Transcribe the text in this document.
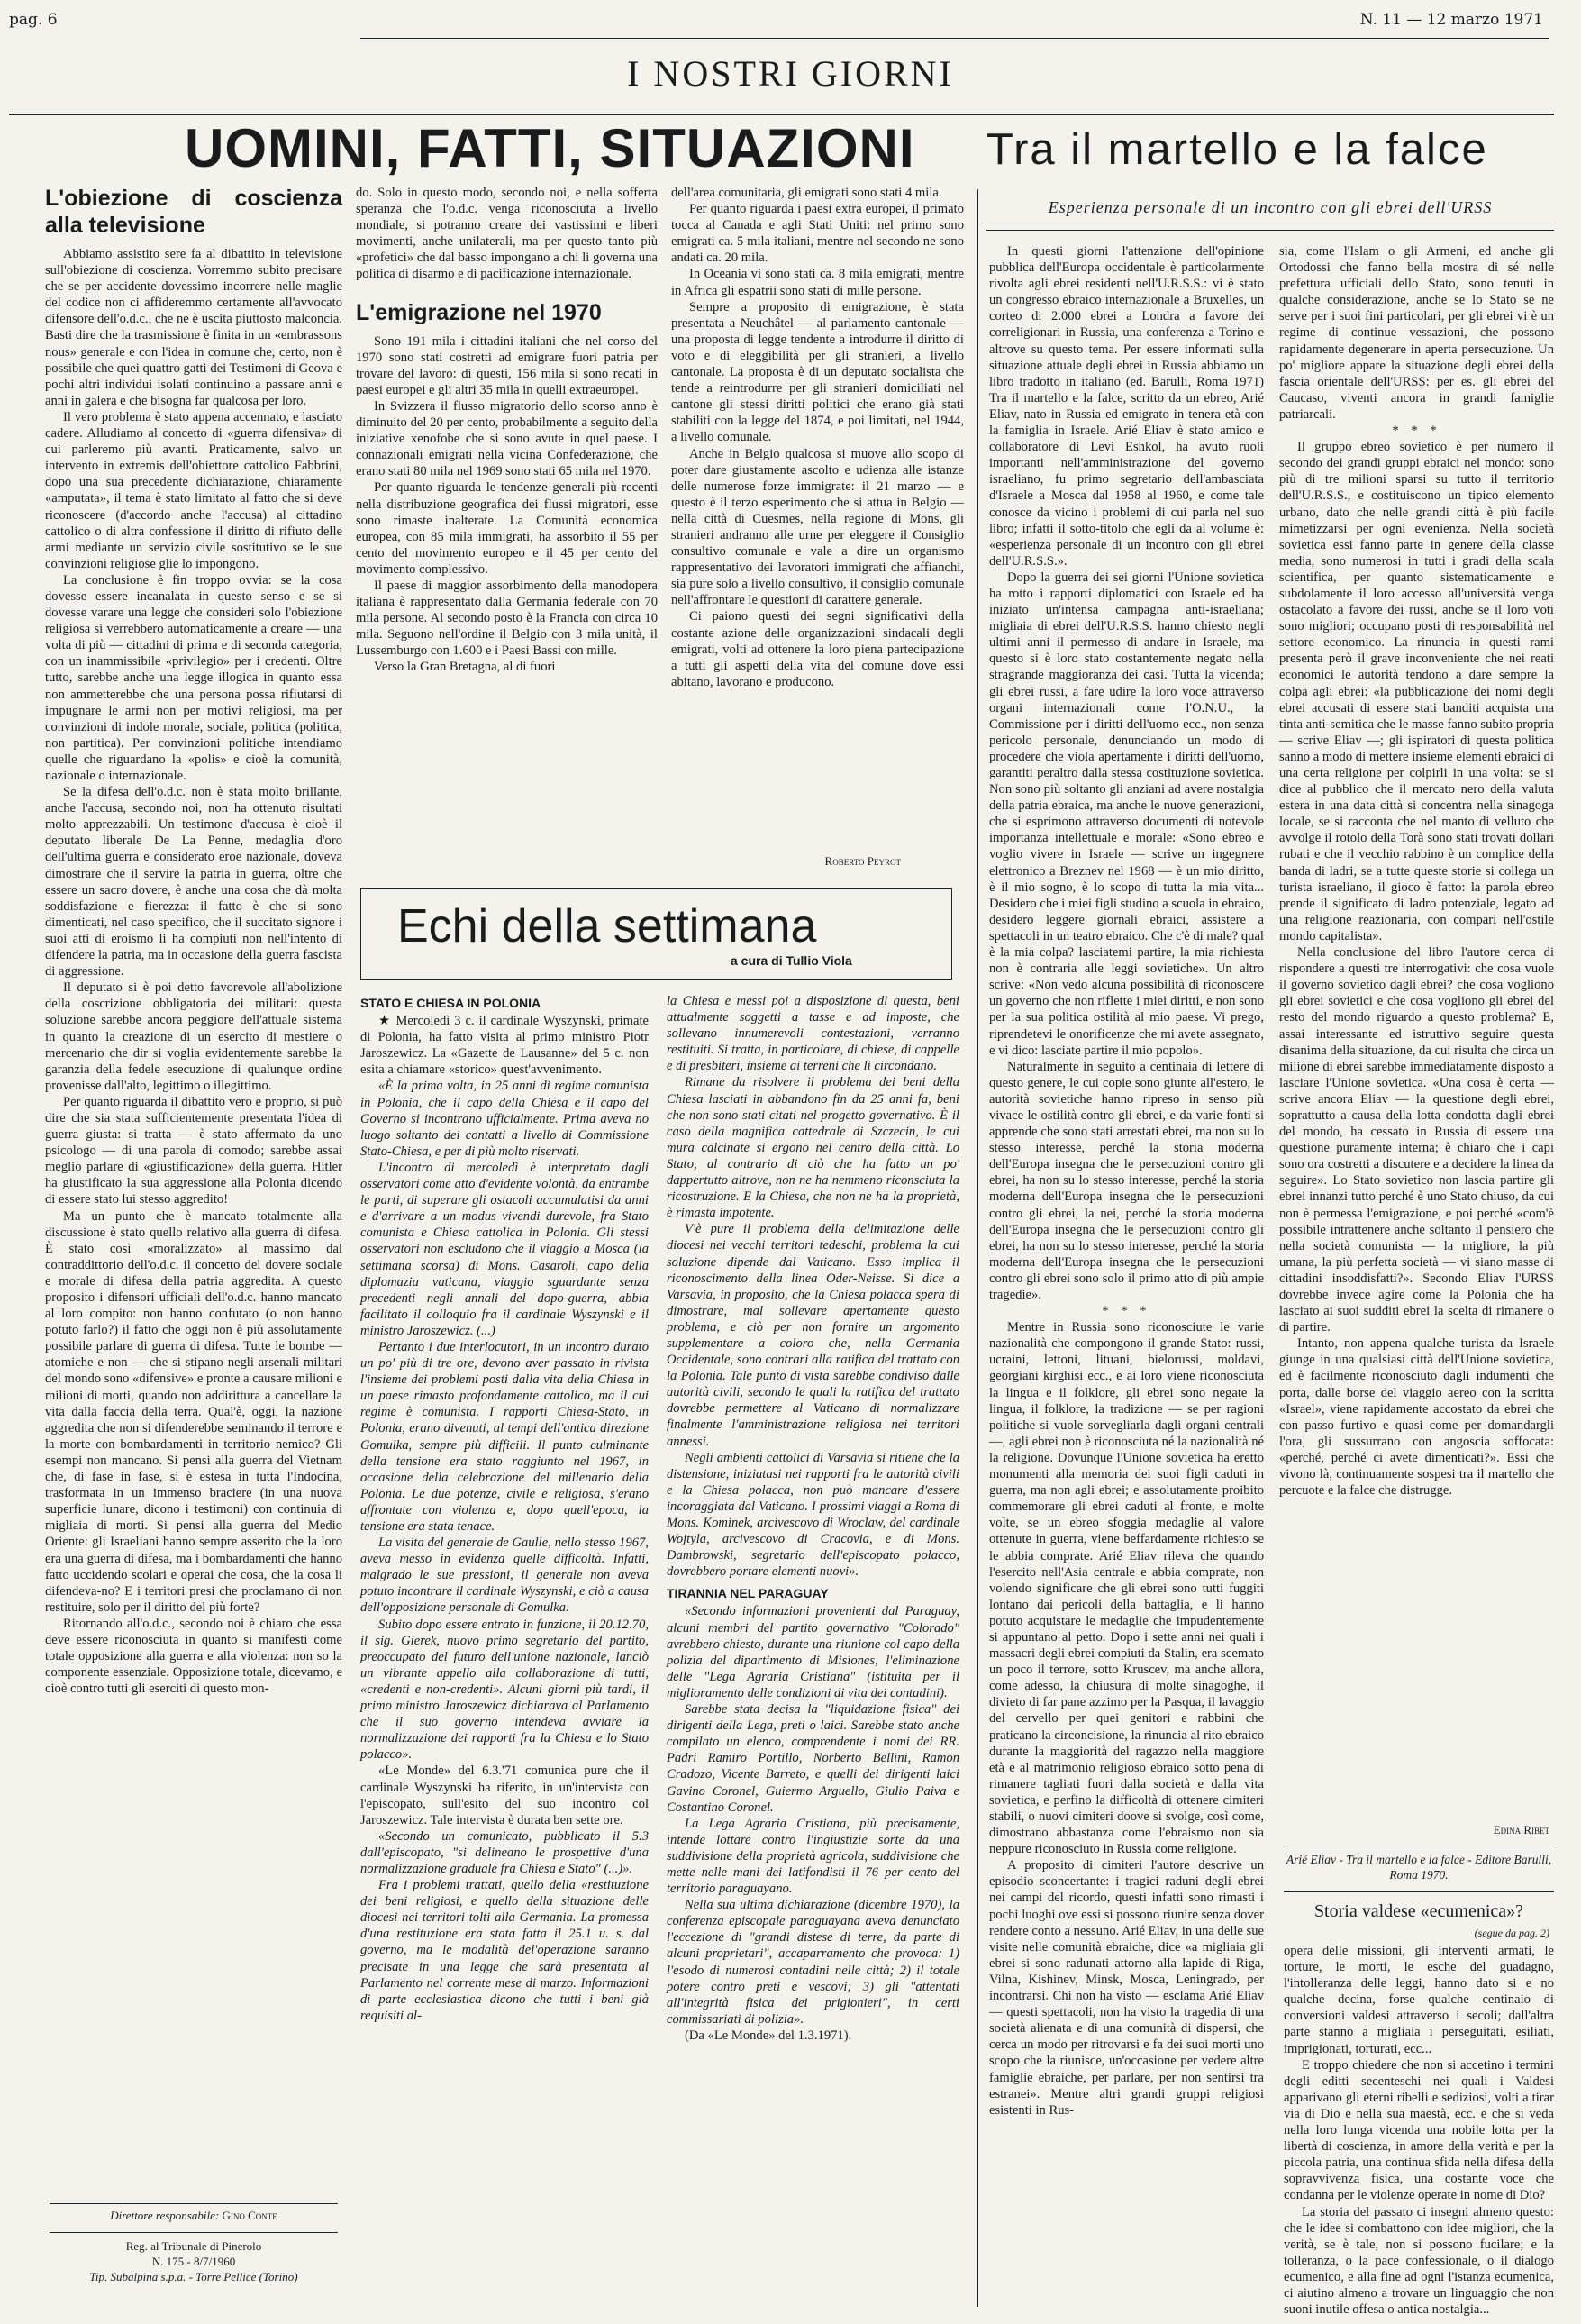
pag. 6	N. 11 — 12 marzo 1971
I NOSTRI GIORNI
UOMINI, FATTI, SITUAZIONI Tra il martello e la falce
L'obiezione di coscienza alla televisione

Abbiamo assistito sere fa al dibattito in televisione sull'obiezione di coscienza. Vorremmo subito precisare che se per accidente dovessimo incorrere nelle maglie del codice non ci affideremmo certamente all'avvocato difensore dell'o.d.c., che ne è uscita piuttosto malconcia. Basti dire che la trasmissione è finita in un «embrassons nous» generale e con l'idea in comune che, certo, non è possibile che quei quattro gatti dei Testimoni di Geova e pochi altri individui isolati continuino a passare anni e anni in galera e che bisogna far qualcosa per loro.

Il vero problema è stato appena accennato, e lasciato cadere. Alludiamo al concetto di «guerra difensiva» di cui parleremo più avanti. Praticamente, salvo un intervento in extremis dell'obiettore cattolico Fabbrini, dopo una sua precedente dichiarazione, chiaramente «amputata», il tema è stato limitato al fatto che si deve riconoscere (d'accordo anche l'accusa) al cittadino cattolico o di altra confessione il diritto di rifiuto delle armi mediante un servizio civile sostitutivo se le sue convinzioni religiose glie lo impongono.

La conclusione è fin troppo ovvia: se la cosa dovesse essere incanalata in questo senso e se si dovesse varare una legge che consideri solo l'obiezione religiosa si verrebbero automaticamente a creare — una volta di più — cittadini di prima e di seconda categoria, con un inammissibile «privilegio» per i credenti. Oltre tutto, sarebbe anche una legge illogica in quanto essa non ammetterebbe che una persona possa rifiutarsi di impugnare le armi non per motivi religiosi, ma per convinzioni di indole morale, sociale, politica (politica, non partitica). Per convinzioni politiche intendiamo quelle che riguardano la «polis» e cioè la comunità, nazionale o internazionale.

Se la difesa dell'o.d.c. non è stata molto brillante, anche l'accusa, secondo noi, non ha ottenuto risultati molto apprezzabili. Un testimone d'accusa è cioè il deputato liberale De La Penne, medaglia d'oro dell'ultima guerra e considerato eroe nazionale, doveva dimostrare che il servire la patria in guerra, oltre che essere un sacro dovere, è anche una cosa che dà molta soddisfazione e fierezza: il fatto è che si sono dimenticati, nel caso specifico, che il succitato signore i suoi atti di eroismo li ha compiuti non nell'intento di difendere la patria, ma in occasione della guerra fascista di aggressione.

Il deputato si è poi detto favorevole all'abolizione della coscrizione obbligatoria dei militari: questa soluzione sarebbe ancora peggiore dell'attuale sistema in quanto la creazione di un esercito di mestiere o mercenario che dir si voglia evidentemente sarebbe la garanzia della fedele esecuzione di qualunque ordine provenisse dall'alto, legittimo o illegittimo.

Per quanto riguarda il dibattito vero e proprio, si può dire che sia stata sufficientemente presentata l'idea di guerra giusta: si tratta — è stato affermato da uno psicologo — di una parola di comodo; sarebbe assai meglio parlare di «giustificazione» della guerra. Hitler ha giustificato la sua aggressione alla Polonia dicendo di essere stato lui stesso aggredito!

Ma un punto che è mancato totalmente alla discussione è stato quello relativo alla guerra di difesa. È stato così «moralizzato» al massimo dal contraddittorio dell'o.d.c. il concetto del dovere sociale e morale di difesa della patria aggredita. A questo proposito i difensori ufficiali dell'o.d.c. hanno mancato al loro compito: non hanno confutato (o non hanno potuto farlo?) il fatto che oggi non è più assolutamente possibile parlare di guerra di difesa. Tutte le bombe — atomiche e non — che si stipano negli arsenali militari del mondo sono «difensive» e pronte a causare milioni e milioni di morti, quando non addirittura a cancellare la vita dalla faccia della terra. Qual'è, oggi, la nazione aggredita che non si difenderebbe seminando il terrore e la morte con bombardamenti in territorio nemico? Gli esempi non mancano. Si pensi alla guerra del Vietnam che, di fase in fase, si è estesa in tutta l'Indocina, trasformata in un immenso braciere (in una nuova superficie lunare, dicono i testimoni) con continuia di migliaia di morti. Si pensi alla guerra del Medio Oriente: gli Israeliani hanno sempre asserito che la loro era una guerra di difesa, ma i bombardamenti che hanno fatto uccidendo scolari e operai che cosa, che la cosa li difendeva-no? E i territori presi che proclamano di non restituire, solo per il diritto del più forte?

Ritornando all'o.d.c., secondo noi è chiaro che essa deve essere riconosciuta in quanto si manifesti come totale opposizione alla guerra e alla violenza: non so la componente essenziale. Opposizione totale, dicevamo, e cioè contro tutti gli eserciti di questo mon-

Direttore responsabile: Gino Conte
Reg. al Tribunale di Pinerolo
N. 175 - 8/7/1960
Tip. Subalpina s.p.a. - Torre Pellice (Torino)

do. Solo in questo modo, secondo noi, e nella sofferta speranza che l'o.d.c. venga riconosciuta a livello mondiale, si potranno creare dei vastissimi e liberi movimenti, anche unilaterali, ma per questo tanto più «profetici» che dal basso impongano a chi li governa una politica di disarmo e di pacificazione internazionale.

L'emigrazione nel 1970

Sono 191 mila i cittadini italiani che nel corso del 1970 sono stati costretti ad emigrare fuori patria per trovare del lavoro: di questi, 156 mila si sono recati in paesi europei e gli altri 35 mila in quelli extraeuropei.

In Svizzera il flusso migratorio dello scorso anno è diminuito del 20 per cento, probabilmente a seguito della iniziative xenofobe che si sono avute in quel paese. I connazionali emigrati nella vicina Confederazione, che erano stati 80 mila nel 1969 sono stati 65 mila nel 1970.

Per quanto riguarda le tendenze generali più recenti nella distribuzione geografica dei flussi migratori, esse sono rimaste inalterate. La Comunità economica europea, con 85 mila immigrati, ha assorbito il 55 per cento del movimento europeo e il 45 per cento del movimento complessivo.

Il paese di maggior assorbimento della manodopera italiana è rappresentato dalla Germania federale con 70 mila persone. Al secondo posto è la Francia con circa 10 mila. Seguono nell'ordine il Belgio con 3 mila unità, il Lussemburgo con 1.600 e i Paesi Bassi con mille.

Verso la Gran Bretagna, al di fuori

dell'area comunitaria, gli emigrati sono stati 4 mila.

Per quanto riguarda i paesi extra europei, il primato tocca al Canada e agli Stati Uniti: nel primo sono emigrati ca. 5 mila italiani, mentre nel secondo ne sono andati ca. 20 mila.

In Oceania vi sono stati ca. 8 mila emigrati, mentre in Africa gli espatrii sono stati di mille persone.

Sempre a proposito di emigrazione, è stata presentata a Neuchâtel — al parlamento cantonale — una proposta di legge tendente a introdurre il diritto di voto e di eleggibilità per gli stranieri, a livello cantonale. La proposta è di un deputato socialista che tende a reintrodurre per gli stranieri domiciliati nel cantone gli stessi diritti politici che erano già stati stabiliti con la legge del 1874, e poi limitati, nel 1944, a livello comunale.

Anche in Belgio qualcosa si muove allo scopo di poter dare giustamente ascolto e udienza alle istanze delle numerose forze immigrate: il 21 marzo — e questo è il terzo esperimento che si attua in Belgio — nella città di Cuesmes, nella regione di Mons, gli stranieri andranno alle urne per eleggere il Consiglio consultivo comunale e vale a dire un organismo rappresentativo dei lavoratori immigrati che affianchi, sia pure solo a livello consultivo, il consiglio comunale nell'affrontare le questioni di carattere generale.

Ci paiono questi dei segni significativi della costante azione delle organizzazioni sindacali degli emigrati, volti ad ottenere la loro piena partecipazione a tutti gli aspetti della vita del comune dove essi abitano, lavorano e producono.

Roberto Peyrot
Echi della settimana
a cura di Tullio Viola
STATO E CHIESA IN POLONIA

★ Mercoledì 3 c. il cardinale Wyszynski, primate di Polonia, ha fatto visita al primo ministro Piotr Jaroszewicz. La «Gazette de Lausanne» del 5 c. non esita a chiamare «storico» quest'avvenimento.

«È la prima volta, in 25 anni di regime comunista in Polonia, che il capo della Chiesa e il capo del Governo si incontrano ufficialmente. Prima aveva no luogo soltanto dei contatti a livello di Commissione Stato-Chiesa, e per di più molto riservati.

L'incontro di mercoledì è interpretato dagli osservatori come atto d'evidente volontà, da entrambe le parti, di superare gli ostacoli accumulatisi da anni e d'arrivare a un modus vivendi durevole, fra Stato comunista e Chiesa cattolica in Polonia. Gli stessi osservatori non escludono che il viaggio a Mosca (la settimana scorsa) di Mons. Casaroli, capo della diplomazia vaticana, viaggio sguardante senza precedenti negli annali del dopo-guerra, abbia facilitato il colloquio fra il cardinale Wyszynski e il ministro Jaroszewicz. (...)

Pertanto i due interlocutori, in un incontro durato un po' più di tre ore, devono aver passato in rivista l'insieme dei problemi posti dalla vita della Chiesa in un paese rimasto profondamente cattolico, ma il cui regime è comunista. I rapporti Chiesa-Stato, in Polonia, erano divenuti, al tempi dell'antica direzione Gomulka, sempre più difficili. Il punto culminante della tensione era stato raggiunto nel 1967, in occasione della celebrazione del millenario della Polonia. Le due potenze, civile e religiosa, s'erano affrontate con violenza e, dopo quell'epoca, la tensione era stata tenace.

La visita del generale de Gaulle, nello stesso 1967, aveva messo in evidenza quelle difficoltà. Infatti, malgrado le sue pressioni, il generale non aveva potuto incontrare il cardinale Wyszynski, e ciò a causa dell'opposizione personale di Gomulka.

Subito dopo essere entrato in funzione, il 20.12.70, il sig. Gierek, nuovo primo segretario del partito, preoccupato del futuro dell'unione nazionale, lanciò un vibrante appello alla collaborazione di tutti, «credenti e non-credenti». Alcuni giorni più tardi, il primo ministro Jaroszewicz dichiarava al Parlamento che il suo governo intendeva avviare la normalizzazione dei rapporti fra la Chiesa e lo Stato polacco».

«Le Monde» del 6.3.'71 comunica pure che il cardinale Wyszynski ha riferito, in un'intervista con l'episcopato, sull'esito del suo incontro col Jaroszewicz. Tale intervista è durata ben sette ore.

«Secondo un comunicato, pubblicato il 5.3 dall'episcopato, "si delineano le prospettive d'una normalizzazione graduale fra Chiesa e Stato" (...)».

Fra i problemi trattati, quello della «restituzione dei beni religiosi, e quello della situazione delle diocesi nei territori tolti alla Germania. La promessa d'una restituzione era stata fatta il 25.1 u. s. dal governo, ma le modalità del'operazione saranno precisate in una legge che sarà presentata al Parlamento nel corrente mese di marzo. Informazioni di parte ecclesiastica dicono che tutti i beni già requisiti al-

la Chiesa e messi poi a disposizione di questa, beni attualmente soggetti a tasse e ad imposte, che sollevano innumerevoli contestazioni, verranno restituiti. Si tratta, in particolare, di chiese, di cappelle e di presbiteri, insieme ai terreni che li circondano.

Rimane da risolvere il problema dei beni della Chiesa lasciati in abbandono fin da 25 anni fa, beni che non sono stati citati nel progetto governativo. È il caso della magnifica cattedrale di Szczecin, le cui mura calcinate si ergono nel centro della città. Lo Stato, al contrario di ciò che ha fatto un po' dappertutto altrove, non ne ha nemmeno riconsciuta la ricostruzione. E la Chiesa, che non ne ha la proprietà, è rimasta impotente.

V'è pure il problema della delimitazione delle diocesi nei vecchi territori tedeschi, problema la cui soluzione dipende dal Vaticano. Esso implica il riconoscimento della linea Oder-Neisse. Si dice a Varsavia, in proposito, che la Chiesa polacca spera di dimostrare, mal sollevare apertamente questo problema, e ciò per non fornire un argomento supplementare a coloro che, nella Germania Occidentale, sono contrari alla ratifica del trattato con la Polonia. Tale punto di vista sarebbe condiviso dalle autorità civili, secondo le quali la ratifica del trattato dovrebbe permettere al Vaticano di normalizzare finalmente l'amministrazione religiosa nei territori annessi.

Negli ambienti cattolici di Varsavia si ritiene che la distensione, iniziatasi nei rapporti fra le autorità civili e la Chiesa polacca, non può mancare d'essere incoraggiata dal Vaticano. I prossimi viaggi a Roma di Mons. Kominek, arcivescovo di Wroclaw, del cardinale Wojtyla, arcivescovo di Cracovia, e di Mons. Dambrowski, segretario dell'episcopato polacco, dovrebbero portare elementi nuovi».

TIRANNIA NEL PARAGUAY

«Secondo informazioni provenienti dal Paraguay, alcuni membri del partito governativo "Colorado" avrebbero chiesto, durante una riunione col capo della polizia del dipartimento di Misiones, l'eliminazione delle "Lega Agraria Cristiana" (istituita per il miglioramento delle condizioni di vita dei contadini).

Sarebbe stata decisa la "liquidazione fisica" dei dirigenti della Lega, preti o laici. Sarebbe stato anche compilato un elenco, comprendente i nomi dei RR. Padri Ramiro Portillo, Norberto Bellini, Ramon Cradozo, Vicente Barreto, e quelli dei dirigenti laici Gavino Coronel, Guiermo Arguello, Giulio Paiva e Costantino Coronel.

La Lega Agraria Cristiana, più precisamente, intende lottare contro l'ingiustizie sorte da una suddivisione della proprietà agricola, suddivisione che mette nelle mani dei latifondisti il 76 per cento del territorio paraguayano.

Nella sua ultima dichiarazione (dicembre 1970), la conferenza episcopale paraguayana aveva denunciato l'eccezione di "grandi distese di terre, da parte di alcuni proprietari", accaparramento che provoca: 1) l'esodo di numerosi contadini nelle città; 2) il totale potere contro preti e vescovi; 3) gli "attentati all'integrità fisica dei prigionieri", in certi commissariati di polizia».

(Da «Le Monde» del 1.3.1971).

Esperienza personale di un incontro con gli ebrei dell'URSS

In questi giorni l'attenzione dell'opinione pubblica dell'Europa occidentale è particolarmente rivolta agli ebrei residenti nell'U.R.S.S.: vi è stato un congresso ebraico internazionale a Bruxelles, un corteo di 2.000 ebrei a Londra a favore dei correligionari in Russia, una conferenza a Torino e altrove su questo tema. Per essere informati sulla situazione attuale degli ebrei in Russia abbiamo un libro tradotto in italiano (ed. Barulli, Roma 1971) Tra il martello e la falce, scritto da un ebreo, Arié Eliav, nato in Russia ed emigrato in tenera età con la famiglia in Israele. Arié Eliav è stato amico e collaboratore di Levi Eshkol, ha avuto ruoli importanti nell'amministrazione del governo israeliano, fu primo segretario dell'ambasciata d'Israele a Mosca dal 1958 al 1960, e come tale conosce da vicino i problemi di cui parla nel suo libro; infatti il sotto-titolo che egli da al volume è: «esperienza personale di un incontro con gli ebrei dell'U.R.S.S.».

Dopo la guerra dei sei giorni l'Unione sovietica ha rotto i rapporti diplomatici con Israele ed ha iniziato un'intensa campagna anti-israeliana; migliaia di ebrei dell'U.R.S.S. hanno chiesto negli ultimi anni il permesso di andare in Israele, ma questo si è loro stato costantemente negato nella stragrande maggioranza dei casi. Tutta la vicenda; gli ebrei russi, a fare udire la loro voce attraverso organi internazionali come l'O.N.U., la Commissione per i diritti dell'uomo ecc., non senza pericolo personale, denunciando un modo di procedere che viola apertamente i diritti dell'uomo, garantiti peraltro dalla stessa costituzione sovietica. Non sono più soltanto gli anziani ad avere nostalgia della patria ebraica, ma anche le nuove generazioni, che si esprimono attraverso documenti di notevole importanza intellettuale e morale: «Sono ebreo e voglio vivere in Israele — scrive un ingegnere elettronico a Breznev nel 1968 — è un mio diritto, è il mio sogno, è lo scopo di tutta la mia vita... Desidero che i miei figli studino a scuola in ebraico, desidero leggere giornali ebraici, assistere a spettacoli in un teatro ebraico. Che c'è di male? qual è la mia colpa? lasciatemi partire, la mia richiesta non è contraria alle leggi sovietiche». Un altro scrive: «Non vedo alcuna possibilità di riconoscere un governo che non riflette i miei diritti, e non sono per la sua politica ostilità al mio paese. Vi prego, riprendetevi le onorificenze che mi avete assegnato, e vi dico: lasciate partire il mio popolo».

Naturalmente in seguito a centinaia di lettere di questo genere, le cui copie sono giunte all'estero, le autorità sovietiche hanno ripreso in senso più vivace le ostilità contro gli ebrei, e da varie fonti si apprende che sono stati arrestati ebrei, ma non su lo stesso interesse, perché la storia moderna dell'Europa insegna che le persecuzioni contro gli ebrei, ha non su lo stesso interesse, perché la storia moderna dell'Europa insegna che le persecuzioni contro gli ebrei, la nei, perché la storia moderna dell'Europa insegna che le persecuzioni contro gli ebrei, ha non su lo stesso interesse, perché la storia moderna dell'Europa insegna che le persecuzioni contro gli ebrei sono solo il primo atto di più ampie tragedie».

* * *

Mentre in Russia sono riconosciute le varie nazionalità che compongono il grande Stato: russi, ucraini, lettoni, lituani, bielorussi, moldavi, georgiani kirghisi ecc., e ai loro viene riconosciuta la lingua e il folklore, gli ebrei sono negate la lingua, il folklore, la tradizione — se per ragioni politiche si vuole sorvegliarla dagli organi centrali —, agli ebrei non è riconosciuta né la nazionalità né la religione. Dovunque l'Unione sovietica ha eretto monumenti alla memoria dei suoi figli caduti in guerra, ma non agli ebrei; e assolutamente proibito commemorare gli ebrei caduti al fronte, e molte volte, se un ebreo sfoggia medaglie al valore ottenute in guerra, viene beffardamente richiesto se le abbia comprate. Arié Eliav rileva che quando l'esercito nell'Asia centrale e abbia comprate, non volendo significare che gli ebrei sono tutti fuggiti lontano dai pericoli della battaglia, e li hanno potuto acquistare le medaglie che impudentemente si appuntano al petto. Dopo i sette anni nei quali i massacri degli ebrei compiuti da Stalin, era scemato un poco il terrore, sotto Kruscev, ma anche allora, come adesso, la chiusura di molte sinagoghe, il divieto di far pane azzimo per la Pasqua, il lavaggio del cervello per quei genitori e rabbini che praticano la circoncisione, la rinuncia al rito ebraico durante la maggiorità del ragazzo nella maggiore età e al matrimonio religioso ebraico sotto pena di rimanere tagliati fuori dalla società e dalla vita sovietica, e perfino la difficoltà di ottenere cimiteri stabili, o nuovi cimiteri doove si svolge, così come, dimostrano abbastanza come l'ebraismo non sia neppure riconosciuto in Russia come religione.

A proposito di cimiteri l'autore descrive un episodio sconcertante: i tragici raduni degli ebrei nei campi del ricordo, questi infatti sono rimasti i pochi luoghi ove essi si possono riunire senza dover rendere conto a nessuno. Arié Eliav, in una delle sue visite nelle comunità ebraiche, dice «a migliaia gli ebrei si sono radunati attorno alla lapide di Riga, Vilna, Kishinev, Minsk, Mosca, Leningrado, per incontrarsi. Chi non ha visto — esclama Arié Eliav — questi spettacoli, non ha visto la tragedia di una società alienata e di una comunità di dispersi, che cerca un modo per ritrovarsi e fa dei suoi morti uno scopo che la riunisce, un'occasione per vedere altre famiglie ebraiche, per parlare, per non sentirsi tra estranei». Mentre altri grandi gruppi religiosi esistenti in Rus-

sia, come l'Islam o gli Armeni, ed anche gli Ortodossi che fanno bella mostra di sé nelle prefettura ufficiali dello Stato, sono tenuti in qualche considerazione, anche se lo Stato se ne serve per i suoi fini particolari, per gli ebrei vi è un regime di continue vessazioni, che possono rapidamente degenerare in aperta persecuzione. Un po' migliore appare la situazione degli ebrei della fascia orientale dell'URSS: per es. gli ebrei del Caucaso, viventi ancora in grandi famiglie patriarcali.

* * *

Il gruppo ebreo sovietico è per numero il secondo dei grandi gruppi ebraici nel mondo: sono più di tre milioni sparsi su tutto il territorio dell'U.R.S.S., e costituiscono un tipico elemento urbano, dato che nelle grandi città è più facile mimetizzarsi per ogni evenienza. Nella società sovietica essi fanno parte in genere della classe media, sono numerosi in tutti i gradi della scala scientifica, per quanto sistematicamente e subdolamente il loro accesso all'università venga ostacolato a favore dei russi, anche se il loro voti sono migliori; occupano posti di responsabilità nel settore economico. La rinuncia in questi rami presenta però il grave inconveniente che nei reati economici le autorità tendono a dare sempre la colpa agli ebrei: «la pubblicazione dei nomi degli ebrei accusati di essere stati banditi acquista una tinta anti-semitica che le masse fanno subito propria — scrive Eliav —; gli ispiratori di questa politica sanno a modo di mettere insieme elementi ebraici di una certa religione per colpirli in una volta: se si dice al pubblico che il mercato nero della valuta estera in una data città si concentra nella sinagoga locale, se si racconta che nel manto di velluto che avvolge il rotolo della Torà sono stati trovati dollari rubati e che il vecchio rabbino è un complice della banda di ladri, se a tutte queste storie si collega un turista israeliano, il gioco è fatto: la parola ebreo prende il significato di ladro potenziale, legato ad una religione reazionaria, con compari nell'ostile mondo capitalista».

Nella conclusione del libro l'autore cerca di rispondere a questi tre interrogativi: che cosa vuole il governo sovietico dagli ebrei? che cosa vogliono gli ebrei sovietici e che cosa vogliono gli ebrei del resto del mondo riguardo a questo problema? E, assai interessante ed istruttivo seguire questa disanima della situazione, da cui risulta che circa un milione di ebrei sarebbe immediatamente disposto a lasciare l'Unione sovietica. «Una cosa è certa — scrive ancora Eliav — la questione degli ebrei, soprattutto a causa della lotta condotta dagli ebrei del mondo, ha cessato in Russia di essere una questione puramente interna; è chiaro che i capi sono ora costretti a discutere e a decidere la linea da seguire». Lo Stato sovietico non lascia partire gli ebrei innanzi tutto perché è uno Stato chiuso, da cui non è permessa l'emigrazione, e poi perché «com'è possibile intrattenere anche soltanto il pensiero che nella società comunista — la migliore, la più umana, la più perfetta società — vi siano masse di cittadini insoddisfatti?». Secondo Eliav l'URSS dovrebbe invece agire come la Polonia che ha lasciato ai suoi sudditi ebrei la scelta di rimanere o di partire.

Intanto, non appena qualche turista da Israele giunge in una qualsiasi città dell'Unione sovietica, ed è facilmente riconosciuto dagli indumenti che porta, dalle borse del viaggio aereo con la scritta «Israel», viene rapidamente accostato da ebrei che con passo furtivo e quasi come per domandargli l'ora, gli sussurrano con angoscia soffocata: «perché, perché ci avete dimenticati?». Essi che vivono là, continuamente sospesi tra il martello che percuote e la falce che distrugge.

Edina Ribet
Arié Eliav - Tra il martello e la falce - Editore Barulli, Roma 1970.
Storia valdese «ecumenica»?
(segue da pag. 2)

opera delle missioni, gli interventi armati, le torture, le morti, le esche del guadagno, l'intolleranza delle leggi, hanno dato si e no qualche decina, forse qualche centinaio di conversioni valdesi attraverso i secoli; dall'altra parte stanno a migliaia i perseguitati, esiliati, imprigionati, torturati, ecc...

E troppo chiedere che non si accetino i termini degli editti secenteschi nei quali i Valdesi apparivano gli eterni ribelli e sediziosi, volti a tirar via di Dio e nella sua maestà, ecc. e che si veda nella loro lunga vicenda una nobile lotta per la libertà di coscienza, in amore della verità e per la piccola patria, una continua sfida nella difesa della sopravvivenza fisica, una costante voce che condanna per le violenze operate in nome di Dio?

La storia del passato ci insegni almeno questo: che le idee si combattono con idee migliori, che la verità, se è tale, non si possono fucilare; e la tolleranza, o la pace confessionale, o il dialogo ecumenico, e alla fine ad ogni l'istanza ecumenica, ci aiutino almeno a trovare un linguaggio che non suoni inutile offesa o antica nostalgia...
